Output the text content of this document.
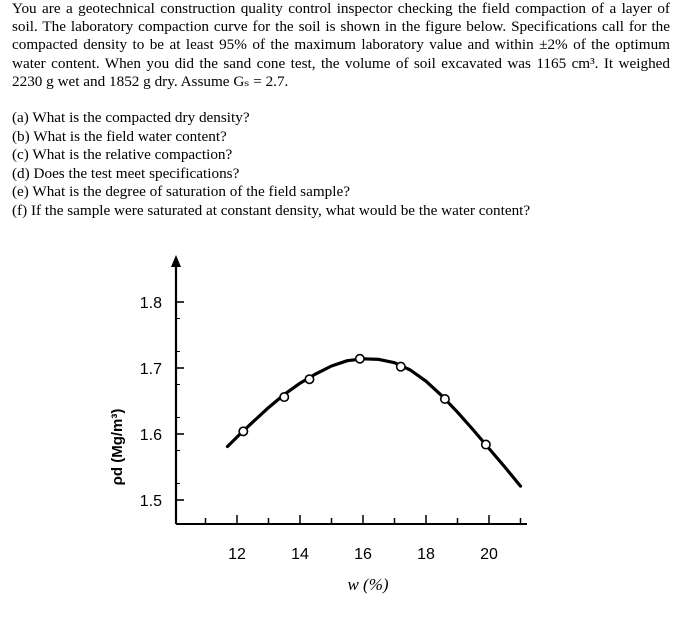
You are a geotechnical construction quality control inspector checking the field compaction of a layer of soil. The laboratory compaction curve for the soil is shown in the figure below. Specifications call for the compacted density to be at least 95% of the maximum laboratory value and within ±2% of the optimum water content. When you did the sand cone test, the volume of soil excavated was 1165 cm³. It weighed 2230 g wet and 1852 g dry. Assume Gₛ = 2.7.

(a) What is the compacted dry density?
(b) What is the field water content?
(c) What is the relative compaction?
(d) Does the test meet specifications?
(e) What is the degree of saturation of the field sample?
(f) If the sample were saturated at constant density, what would be the water content?
1.5
1.6
1.7
1.8
12	14	16	18	20
ρd (Mg/m³)
w (%)
